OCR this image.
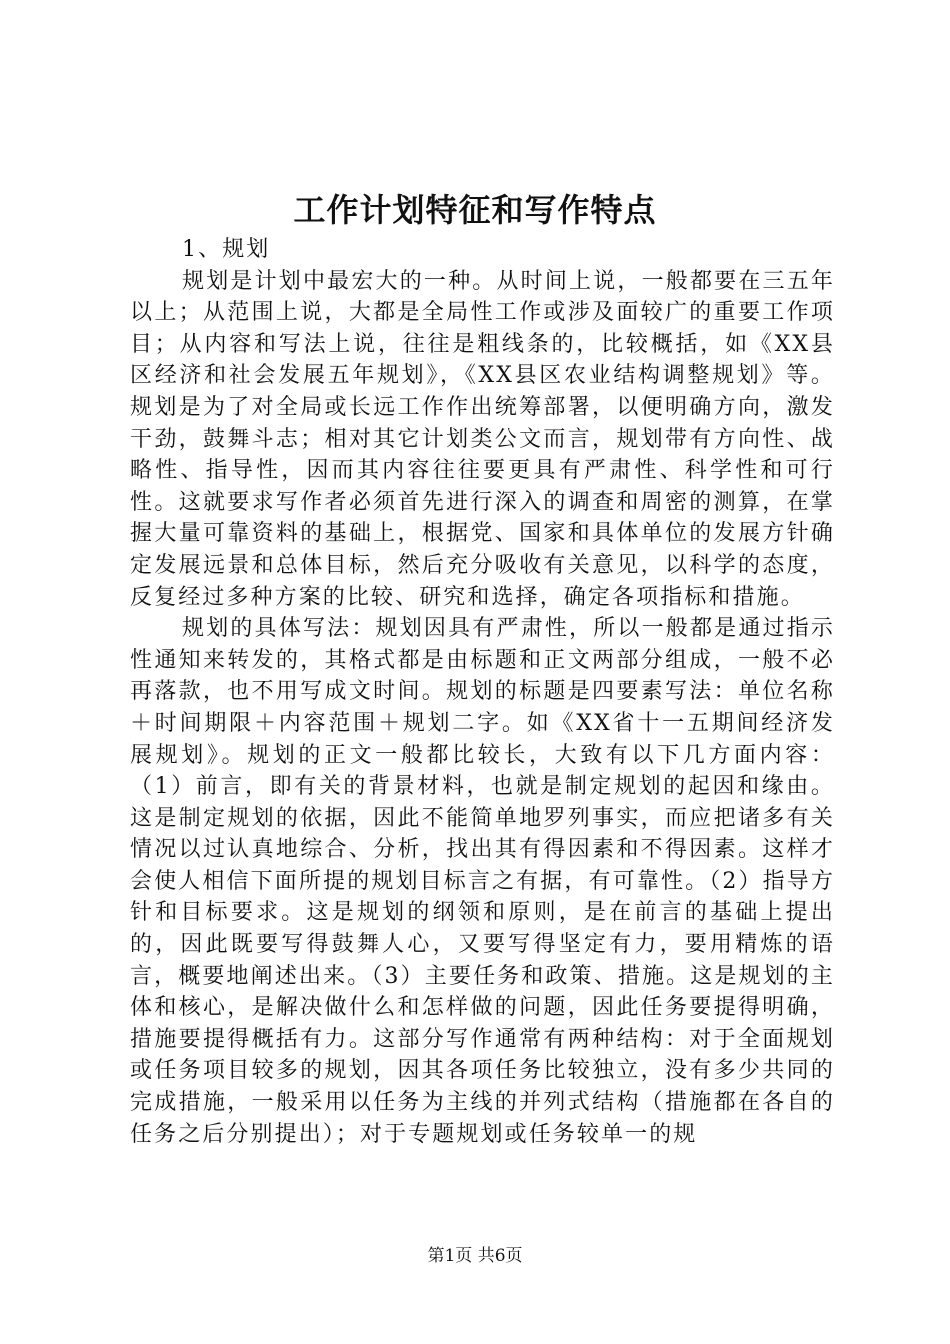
工作计划特征和写作特点

1、规划

规划是计划中最宏大的一种。从时间上说，一般都要在三五年以上；从范围上说，大都是全局性工作或涉及面较广的重要工作项目；从内容和写法上说，往往是粗线条的，比较概括，如《XX县区经济和社会发展五年规划》，《XX县区农业结构调整规划》等。规划是为了对全局或长远工作作出统筹部署，以便明确方向，激发干劲，鼓舞斗志；相对其它计划类公文而言，规划带有方向性、战略性、指导性，因而其内容往往要更具有严肃性、科学性和可行性。这就要求写作者必须首先进行深入的调查和周密的测算，在掌握大量可靠资料的基础上，根据党、国家和具体单位的发展方针确定发展远景和总体目标，然后充分吸收有关意见，以科学的态度，反复经过多种方案的比较、研究和选择，确定各项指标和措施。

规划的具体写法：规划因具有严肃性，所以一般都是通过指示性通知来转发的，其格式都是由标题和正文两部分组成，一般不必再落款，也不用写成文时间。规划的标题是四要素写法：单位名称＋时间期限＋内容范围＋规划二字。如《XX省十一五期间经济发展规划》。规划的正文一般都比较长，大致有以下几方面内容：（1）前言，即有关的背景材料，也就是制定规划的起因和缘由。这是制定规划的依据，因此不能简单地罗列事实，而应把诸多有关情况以过认真地综合、分析，找出其有得因素和不得因素。这样才会使人相信下面所提的规划目标言之有据，有可靠性。（2）指导方针和目标要求。这是规划的纲领和原则，是在前言的基础上提出的，因此既要写得鼓舞人心，又要写得坚定有力，要用精炼的语言，概要地阐述出来。（3）主要任务和政策、措施。这是规划的主体和核心，是解决做什么和怎样做的问题，因此任务要提得明确，措施要提得概括有力。这部分写作通常有两种结构：对于全面规划或任务项目较多的规划，因其各项任务比较独立，没有多少共同的完成措施，一般采用以任务为主线的并列式结构（措施都在各自的任务之后分别提出）；对于专题规划或任务较单一的规

第1页 共6页
